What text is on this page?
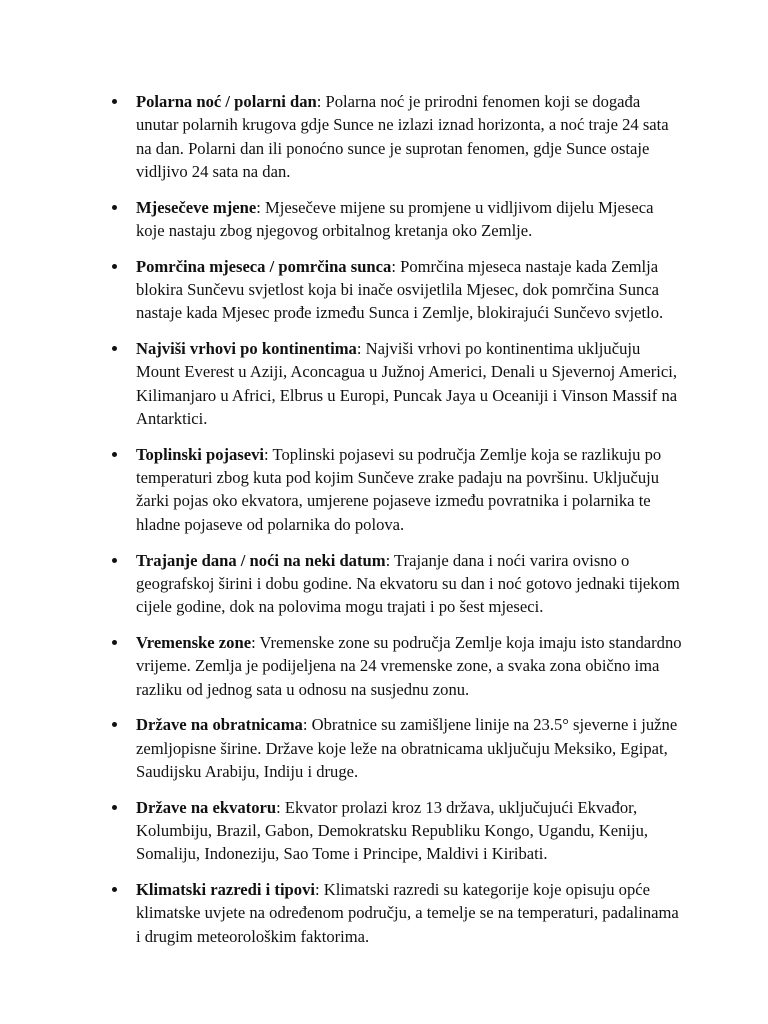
Polarna noć / polarni dan: Polarna noć je prirodni fenomen koji se događa unutar polarnih krugova gdje Sunce ne izlazi iznad horizonta, a noć traje 24 sata na dan. Polarni dan ili ponoćno sunce je suprotan fenomen, gdje Sunce ostaje vidljivo 24 sata na dan.
Mjesečeve mjene: Mjesečeve mijene su promjene u vidljivom dijelu Mjeseca koje nastaju zbog njegovog orbitalnog kretanja oko Zemlje.
Pomrčina mjeseca / pomrčina sunca: Pomrčina mjeseca nastaje kada Zemlja blokira Sunčevu svjetlost koja bi inače osvijetlila Mjesec, dok pomrčina Sunca nastaje kada Mjesec prođe između Sunca i Zemlje, blokirajući Sunčevo svjetlo.
Najviši vrhovi po kontinentima: Najviši vrhovi po kontinentima uključuju Mount Everest u Aziji, Aconcagua u Južnoj Americi, Denali u Sjevernoj Americi, Kilimanjaro u Africi, Elbrus u Europi, Puncak Jaya u Oceaniji i Vinson Massif na Antarktici.
Toplinski pojasevi: Toplinski pojasevi su područja Zemlje koja se razlikuju po temperaturi zbog kuta pod kojim Sunčeve zrake padaju na površinu. Uključuju žarki pojas oko ekvatora, umjerene pojaseve između povratnika i polarnika te hladne pojaseve od polarnika do polova.
Trajanje dana / noći na neki datum: Trajanje dana i noći varira ovisno o geografskoj širini i dobu godine. Na ekvatoru su dan i noć gotovo jednaki tijekom cijele godine, dok na polovima mogu trajati i po šest mjeseci.
Vremenske zone: Vremenske zone su područja Zemlje koja imaju isto standardno vrijeme. Zemlja je podijeljena na 24 vremenske zone, a svaka zona obično ima razliku od jednog sata u odnosu na susjednu zonu.
Države na obratnicama: Obratnice su zamišljene linije na 23.5° sjeverne i južne zemljopisne širine. Države koje leže na obratnicama uključuju Meksiko, Egipat, Saudijsku Arabiju, Indiju i druge.
Države na ekvatoru: Ekvator prolazi kroz 13 država, uključujući Ekvađor, Kolumbiju, Brazil, Gabon, Demokratsku Republiku Kongo, Ugandu, Keniju, Somaliju, Indoneziju, Sao Tome i Principe, Maldivi i Kiribati.
Klimatski razredi i tipovi: Klimatski razredi su kategorije koje opisuju opće klimatske uvjete na određenom području, a temelje se na temperaturi, padalinama i drugim meteorološkim faktorima.
